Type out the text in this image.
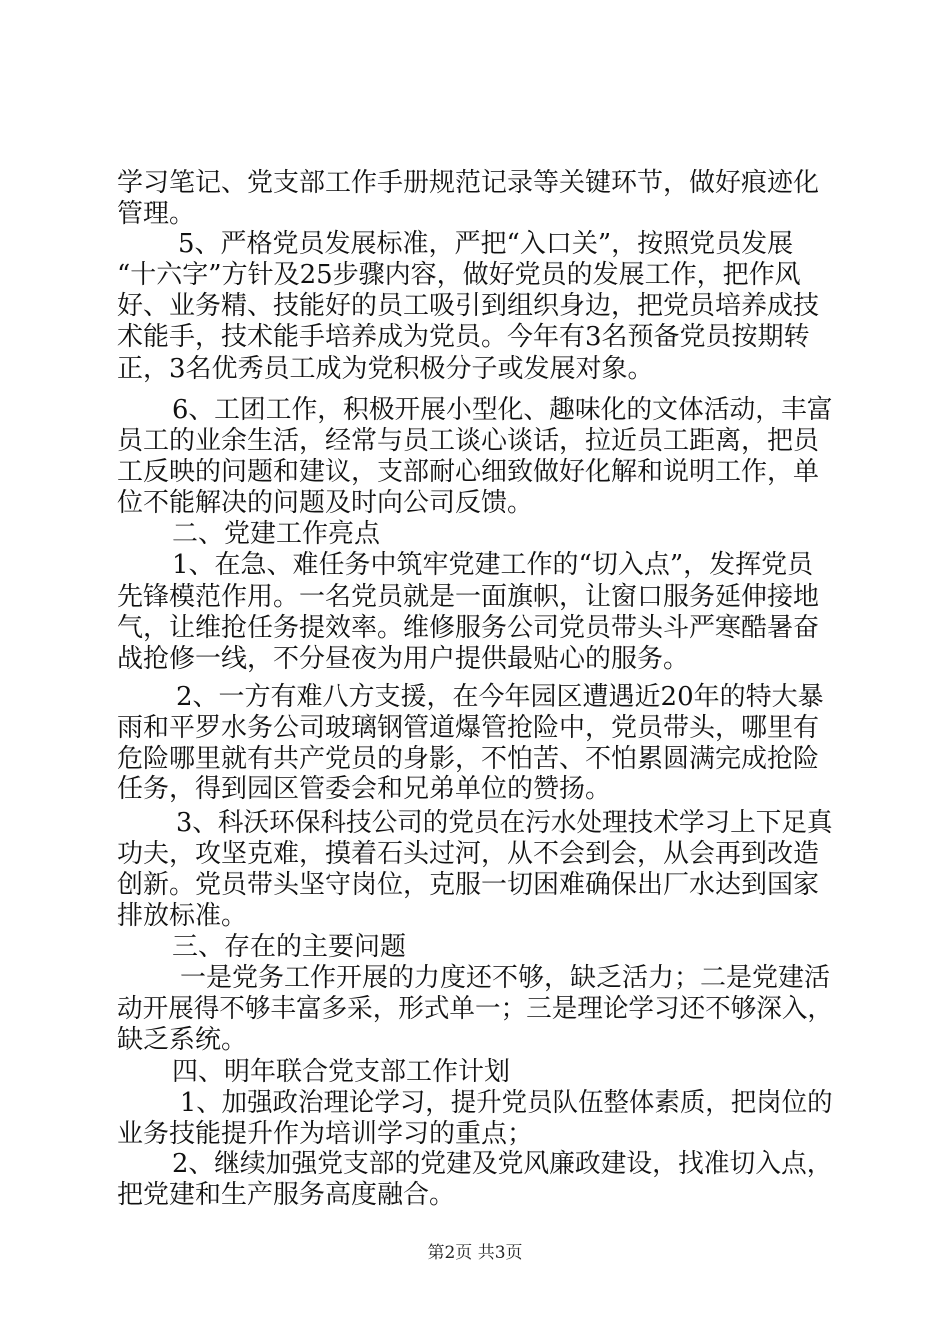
学习笔记、党支部工作手册规范记录等关键环节，做好痕迹化
管理。
5、严格党员发展标准，严把“入口关”，按照党员发展
“十六字”方针及25步骤内容，做好党员的发展工作，把作风
好、业务精、技能好的员工吸引到组织身边，把党员培养成技
术能手，技术能手培养成为党员。今年有3名预备党员按期转
正，3名优秀员工成为党积极分子或发展对象。
6、工团工作，积极开展小型化、趣味化的文体活动，丰富
员工的业余生活，经常与员工谈心谈话，拉近员工距离，把员
工反映的问题和建议，支部耐心细致做好化解和说明工作，单
位不能解决的问题及时向公司反馈。
二、党建工作亮点
1、在急、难任务中筑牢党建工作的“切入点”，发挥党员
先锋模范作用。一名党员就是一面旗帜，让窗口服务延伸接地
气，让维抢任务提效率。维修服务公司党员带头斗严寒酷暑奋
战抢修一线，不分昼夜为用户提供最贴心的服务。
2、一方有难八方支援，在今年园区遭遇近20年的特大暴
雨和平罗水务公司玻璃钢管道爆管抢险中，党员带头，哪里有
危险哪里就有共产党员的身影，不怕苦、不怕累圆满完成抢险
任务，得到园区管委会和兄弟单位的赞扬。
3、科沃环保科技公司的党员在污水处理技术学习上下足真
功夫，攻坚克难，摸着石头过河，从不会到会，从会再到改造
创新。党员带头坚守岗位，克服一切困难确保出厂水达到国家
排放标准。
三、存在的主要问题
一是党务工作开展的力度还不够，缺乏活力；二是党建活
动开展得不够丰富多采，形式单一；三是理论学习还不够深入，
缺乏系统。
四、明年联合党支部工作计划
1、加强政治理论学习，提升党员队伍整体素质，把岗位的
业务技能提升作为培训学习的重点；
2、继续加强党支部的党建及党风廉政建设，找准切入点，
把党建和生产服务高度融合。
第2页 共3页
